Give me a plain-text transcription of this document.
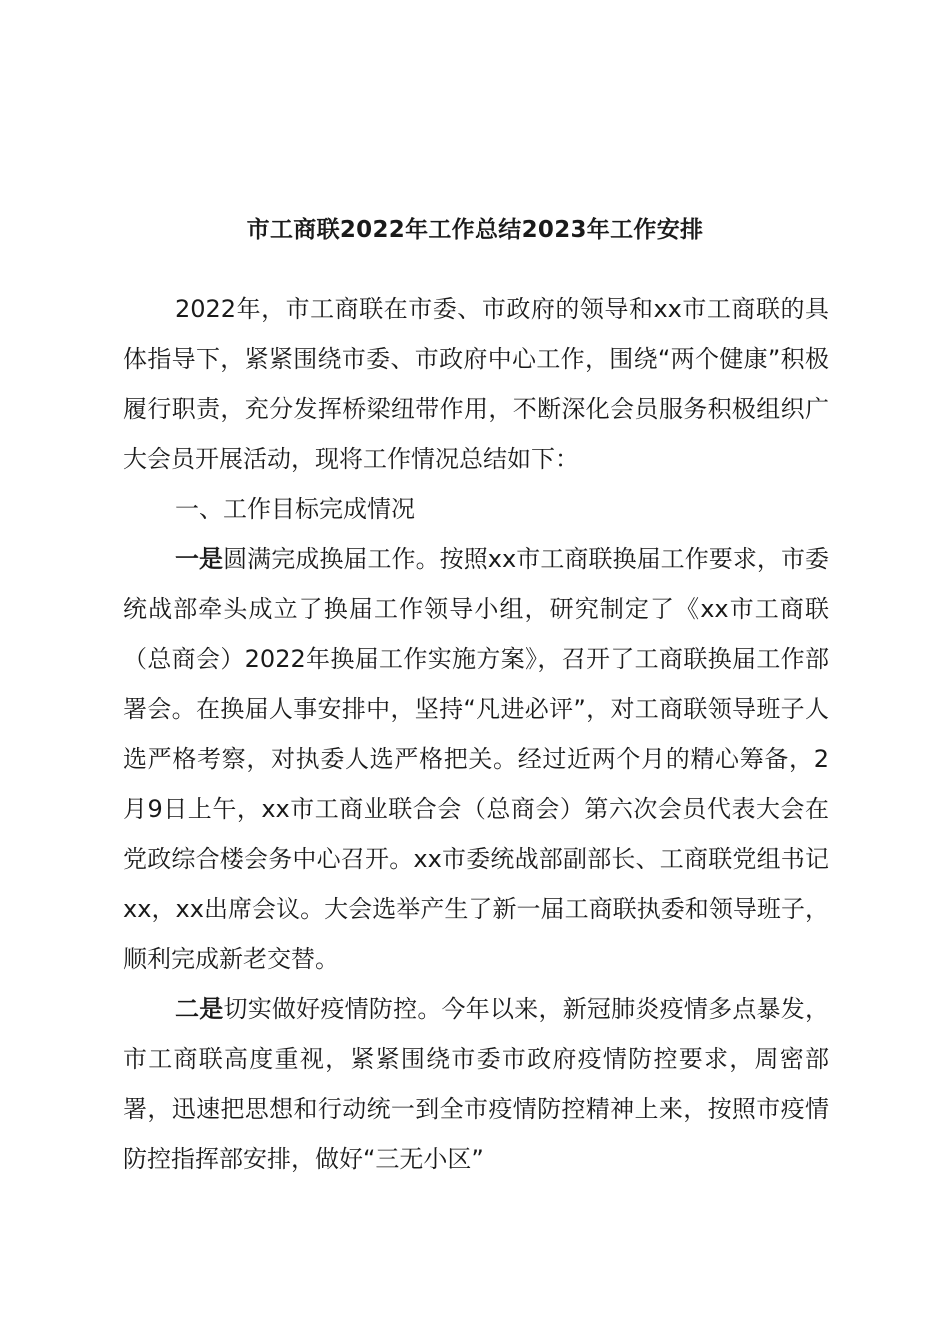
市工商联2022年工作总结2023年工作安排

2022年，市工商联在市委、市政府的领导和xx市工商联的具体指导下，紧紧围绕市委、市政府中心工作，围绕“两个健康”积极履行职责，充分发挥桥梁纽带作用，不断深化会员服务积极组织广大会员开展活动，现将工作情况总结如下：

一、工作目标完成情况

一是圆满完成换届工作。按照xx市工商联换届工作要求，市委统战部牵头成立了换届工作领导小组，研究制定了《xx市工商联（总商会）2022年换届工作实施方案》，召开了工商联换届工作部署会。在换届人事安排中，坚持“凡进必评”，对工商联领导班子人选严格考察，对执委人选严格把关。经过近两个月的精心筹备，2月9日上午，xx市工商业联合会（总商会）第六次会员代表大会在党政综合楼会务中心召开。xx市委统战部副部长、工商联党组书记xx，xx出席会议。大会选举产生了新一届工商联执委和领导班子，顺利完成新老交替。

二是切实做好疫情防控。今年以来，新冠肺炎疫情多点暴发，市工商联高度重视，紧紧围绕市委市政府疫情防控要求，周密部署，迅速把思想和行动统一到全市疫情防控精神上来，按照市疫情防控指挥部安排，做好“三无小区”
